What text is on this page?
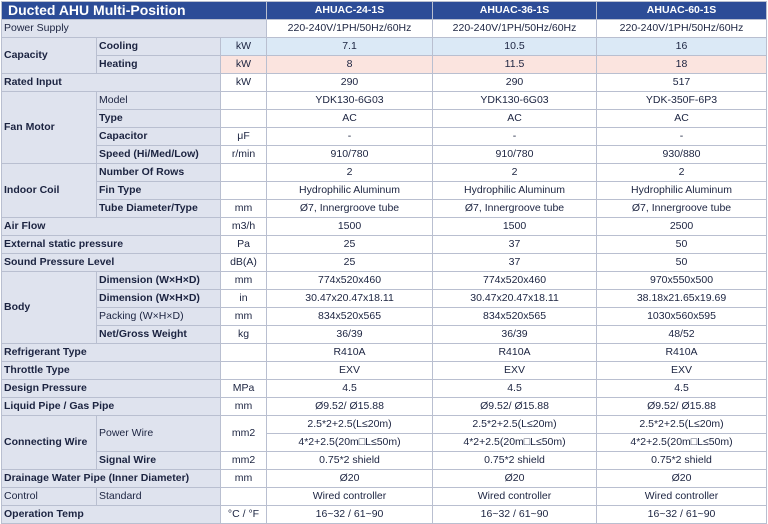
Ducted AHU Multi-Position			AHUAC-24-1S	AHUAC-36-1S	AHUAC-60-1S
Power Supply			220-240V/1PH/50Hz/60Hz	220-240V/1PH/50Hz/60Hz	220-240V/1PH/50Hz/60Hz
Capacity	Cooling	kW	7.1	10.5	16
	Heating	kW	8	11.5	18
Rated Input		kW	290	290	517
Fan Motor	Model		YDK130-6G03	YDK130-6G03	YDK-350F-6P3
	Type		AC	AC	AC
	Capacitor	μF	-	-	-
	Speed (Hi/Med/Low)	r/min	910/780	910/780	930/880
Indoor Coil	Number Of Rows		2	2	2
	Fin Type		Hydrophilic Aluminum	Hydrophilic Aluminum	Hydrophilic Aluminum
	Tube Diameter/Type	mm	Ø7, Innergroove tube	Ø7, Innergroove tube	Ø7, Innergroove tube
Air Flow		m3/h	1500	1500	2500
External static pressure		Pa	25	37	50
Sound Pressure Level		dB(A)	25	37	50
Body	Dimension (W×H×D)	mm	774x520x460	774x520x460	970x550x500
	Dimension (W×H×D)	in	30.47x20.47x18.11	30.47x20.47x18.11	38.18x21.65x19.69
	Packing (W×H×D)	mm	834x520x565	834x520x565	1030x560x595
	Net/Gross Weight	kg	36/39	36/39	48/52
Refrigerant Type			R410A	R410A	R410A
Throttle Type			EXV	EXV	EXV
Design Pressure		MPa	4.5	4.5	4.5
Liquid Pipe / Gas Pipe		mm	Ø9.52/ Ø15.88	Ø9.52/ Ø15.88	Ø9.52/ Ø15.88
Connecting Wire	Power Wire	mm2	2.5*2+2.5(L≤20m)	2.5*2+2.5(L≤20m)	2.5*2+2.5(L≤20m)
			4*2+2.5(20m□L≤50m)	4*2+2.5(20m□L≤50m)	4*2+2.5(20m□L≤50m)
	Signal Wire	mm2	0.75*2 shield	0.75*2 shield	0.75*2 shield
Drainage Water Pipe (Inner Diameter)		mm	Ø20	Ø20	Ø20
Control	Standard		Wired controller	Wired controller	Wired controller
Operation Temp		°C / °F	16~32 / 61~90	16~32 / 61~90	16~32 / 61~90
